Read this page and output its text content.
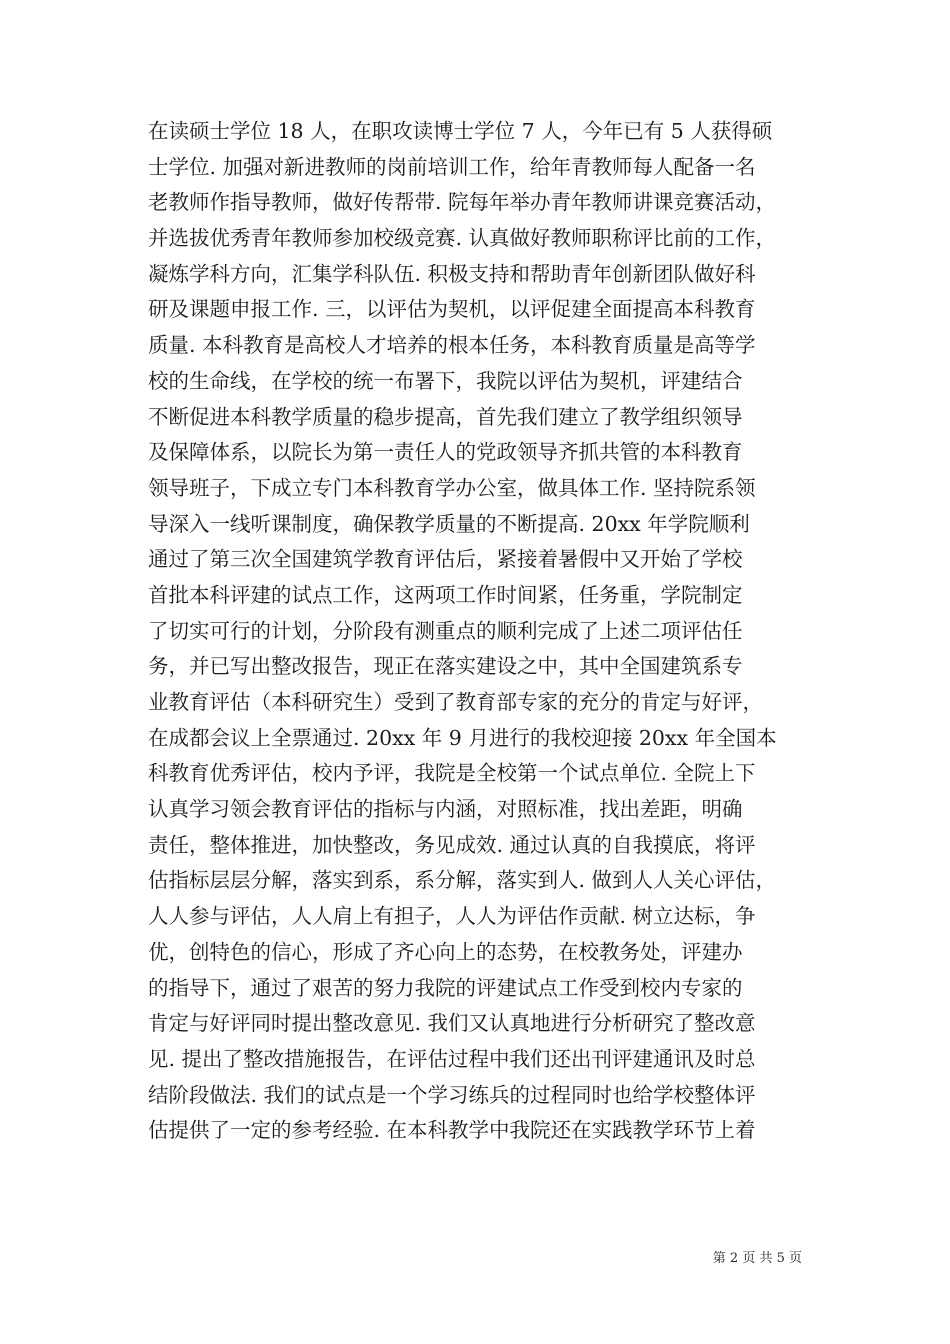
在读硕士学位 18 人，在职攻读博士学位 7 人，今年已有 5 人获得硕
士学位. 加强对新进教师的岗前培训工作，给年青教师每人配备一名
老教师作指导教师，做好传帮带. 院每年举办青年教师讲课竞赛活动，
并选拔优秀青年教师参加校级竞赛. 认真做好教师职称评比前的工作，
凝炼学科方向，汇集学科队伍. 积极支持和帮助青年创新团队做好科
研及课题申报工作. 三，以评估为契机，以评促建全面提高本科教育
质量. 本科教育是高校人才培养的根本任务，本科教育质量是高等学
校的生命线，在学校的统一布署下，我院以评估为契机，评建结合
不断促进本科教学质量的稳步提高，首先我们建立了教学组织领导
及保障体系，以院长为第一责任人的党政领导齐抓共管的本科教育
领导班子，下成立专门本科教育学办公室，做具体工作. 坚持院系领
导深入一线听课制度，确保教学质量的不断提高. 20xx 年学院顺利
通过了第三次全国建筑学教育评估后，紧接着暑假中又开始了学校
首批本科评建的试点工作，这两项工作时间紧，任务重，学院制定
了切实可行的计划，分阶段有测重点的顺利完成了上述二项评估任
务，并已写出整改报告，现正在落实建设之中，其中全国建筑系专
业教育评估（本科研究生）受到了教育部专家的充分的肯定与好评，
在成都会议上全票通过. 20xx 年 9 月进行的我校迎接 20xx 年全国本
科教育优秀评估，校内予评，我院是全校第一个试点单位. 全院上下
认真学习领会教育评估的指标与内涵，对照标准，找出差距，明确
责任，整体推进，加快整改，务见成效. 通过认真的自我摸底，将评
估指标层层分解，落实到系，系分解，落实到人. 做到人人关心评估，
人人参与评估，人人肩上有担子，人人为评估作贡献. 树立达标，争
优，创特色的信心，形成了齐心向上的态势，在校教务处，评建办
的指导下，通过了艰苦的努力我院的评建试点工作受到校内专家的
肯定与好评同时提出整改意见. 我们又认真地进行分析研究了整改意
见. 提出了整改措施报告，在评估过程中我们还出刊评建通讯及时总
结阶段做法. 我们的试点是一个学习练兵的过程同时也给学校整体评
估提供了一定的参考经验. 在本科教学中我院还在实践教学环节上着
第 2 页 共 5 页
